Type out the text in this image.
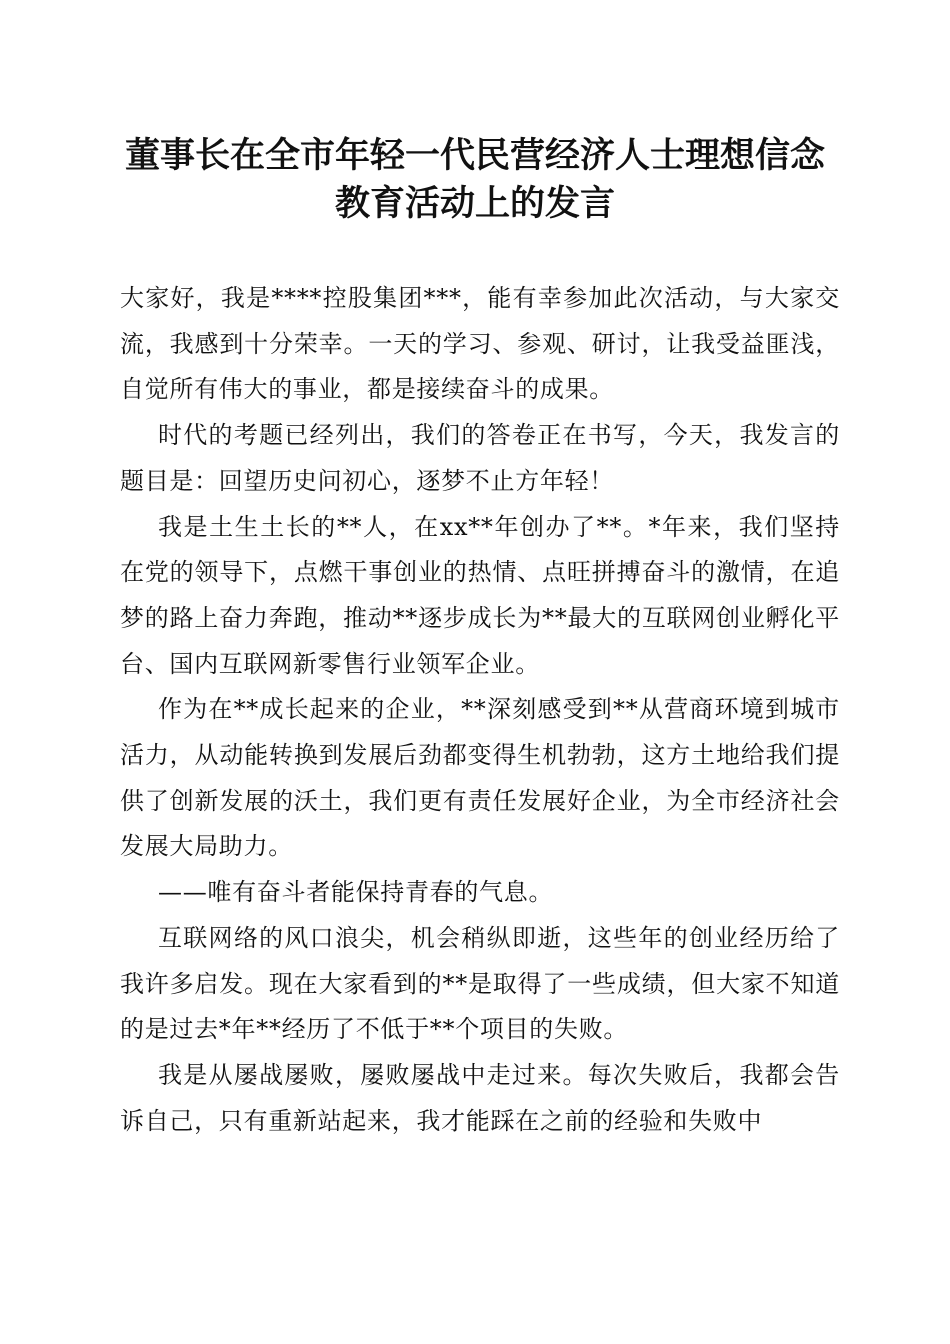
董事长在全市年轻一代民营经济人士理想信念
教育活动上的发言

大家好，我是****控股集团***，能有幸参加此次活动，与大家交流，我感到十分荣幸。一天的学习、参观、研讨，让我受益匪浅，自觉所有伟大的事业，都是接续奋斗的成果。

时代的考题已经列出，我们的答卷正在书写，今天，我发言的题目是：回望历史问初心，逐梦不止方年轻！

我是土生土长的**人，在xx**年创办了**。*年来，我们坚持在党的领导下，点燃干事创业的热情、点旺拼搏奋斗的激情，在追梦的路上奋力奔跑，推动**逐步成长为**最大的互联网创业孵化平台、国内互联网新零售行业领军企业。

作为在**成长起来的企业，**深刻感受到**从营商环境到城市活力，从动能转换到发展后劲都变得生机勃勃，这方土地给我们提供了创新发展的沃土，我们更有责任发展好企业，为全市经济社会发展大局助力。

——唯有奋斗者能保持青春的气息。

互联网络的风口浪尖，机会稍纵即逝，这些年的创业经历给了我许多启发。现在大家看到的**是取得了一些成绩，但大家不知道的是过去*年**经历了不低于**个项目的失败。

我是从屡战屡败，屡败屡战中走过来。每次失败后，我都会告诉自己，只有重新站起来，我才能踩在之前的经验和失败中
